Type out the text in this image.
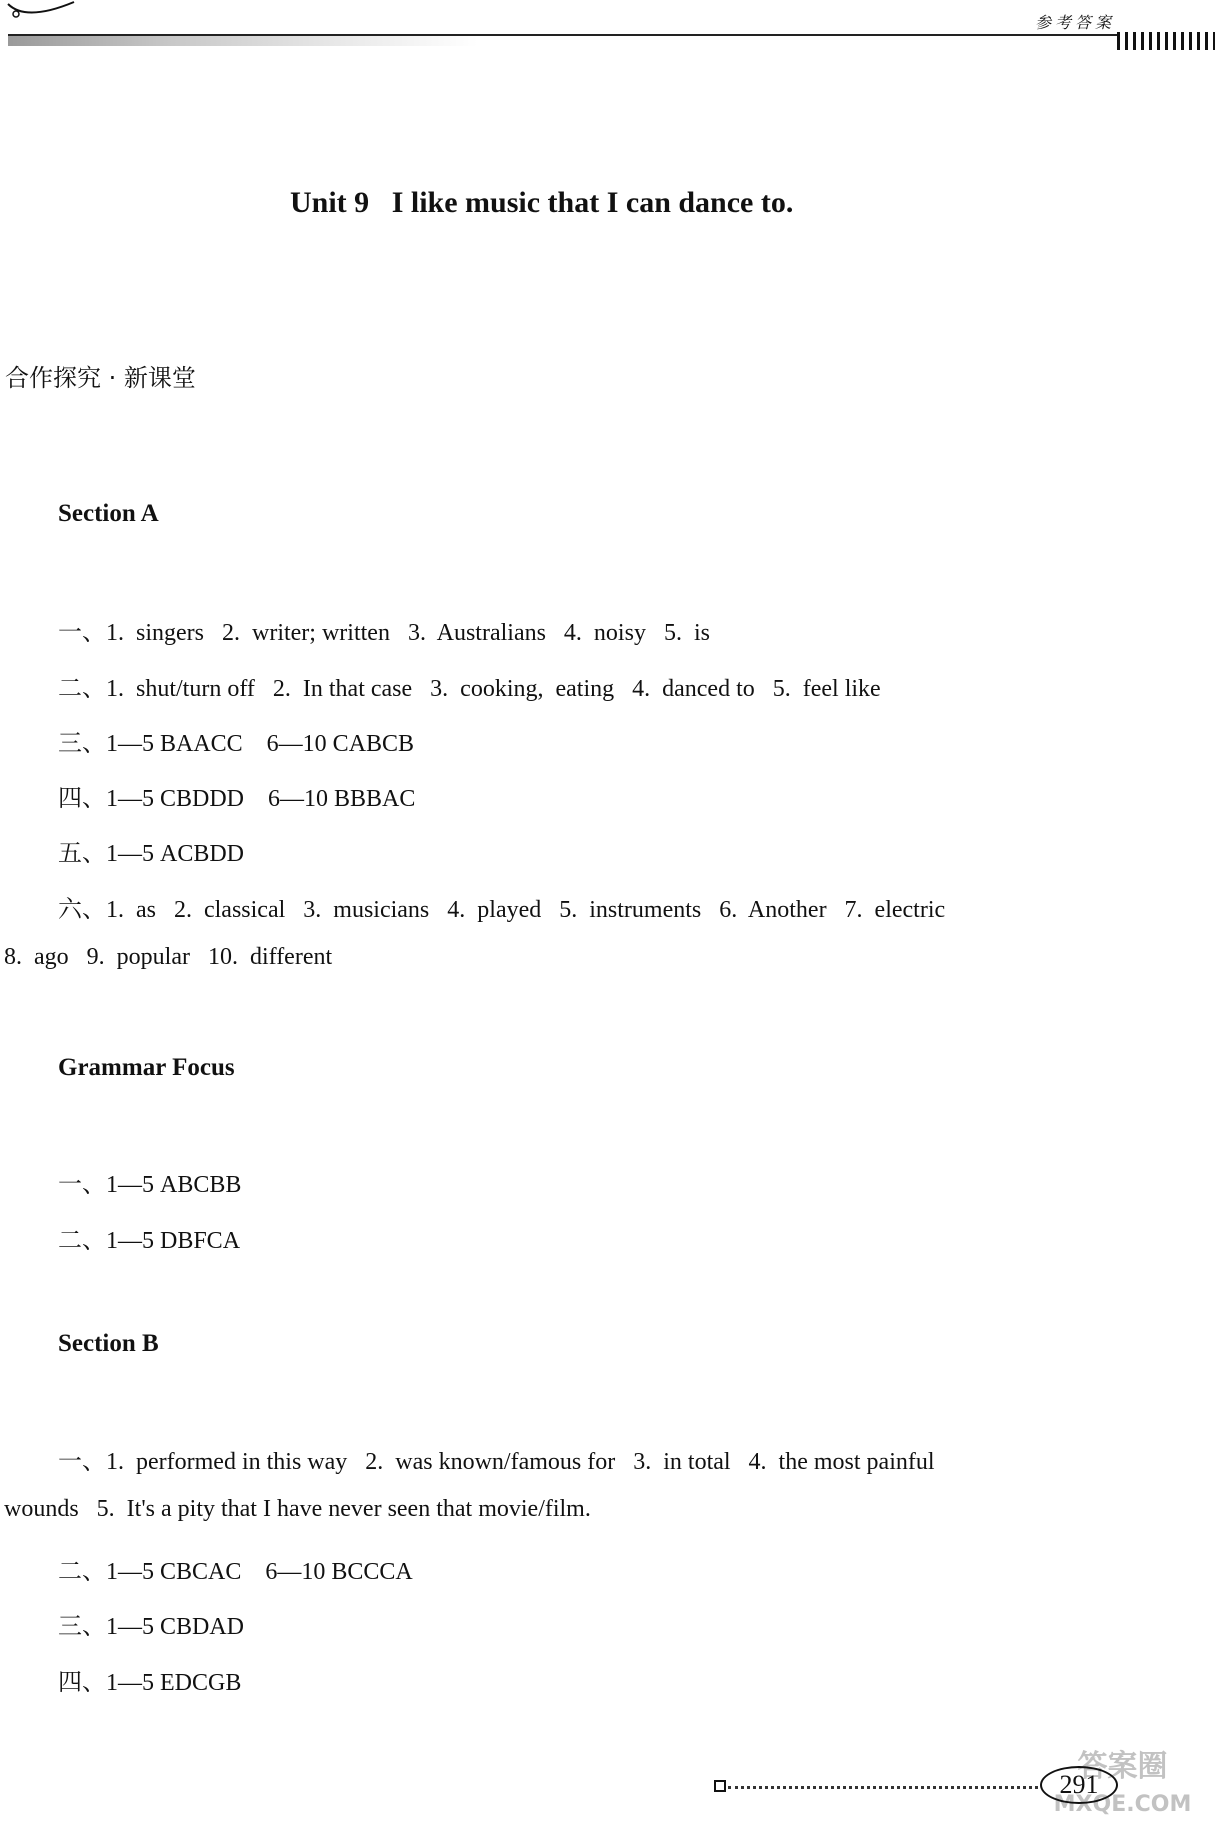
参考答案
Unit 9 I like music that I can dance to.
合作探究 · 新课堂
Section A
一、1.  singers   2.  writer; written   3.  Australians   4.  noisy   5.  is
二、1.  shut/turn off   2.  In that case   3.  cooking,  eating   4.  danced to   5.  feel like
三、1—5 BAACC    6—10 CABCB
四、1—5 CBDDD    6—10 BBBAC
五、1—5 ACBDD
六、1.  as   2.  classical   3.  musicians   4.  played   5.  instruments   6.  Another   7.  electric
8.  ago   9.  popular   10.  different
Grammar Focus
一、1—5 ABCBB
二、1—5 DBFCA
Section B
一、1.  performed in this way   2.  was known/famous for   3.  in total   4.  the most painful
wounds   5.  It's a pity that I have never seen that movie/film.
二、1—5 CBCAC    6—10 BCCCA
三、1—5 CBDAD
四、1—5 EDCGB
答案圈
MXQE.COM
291
